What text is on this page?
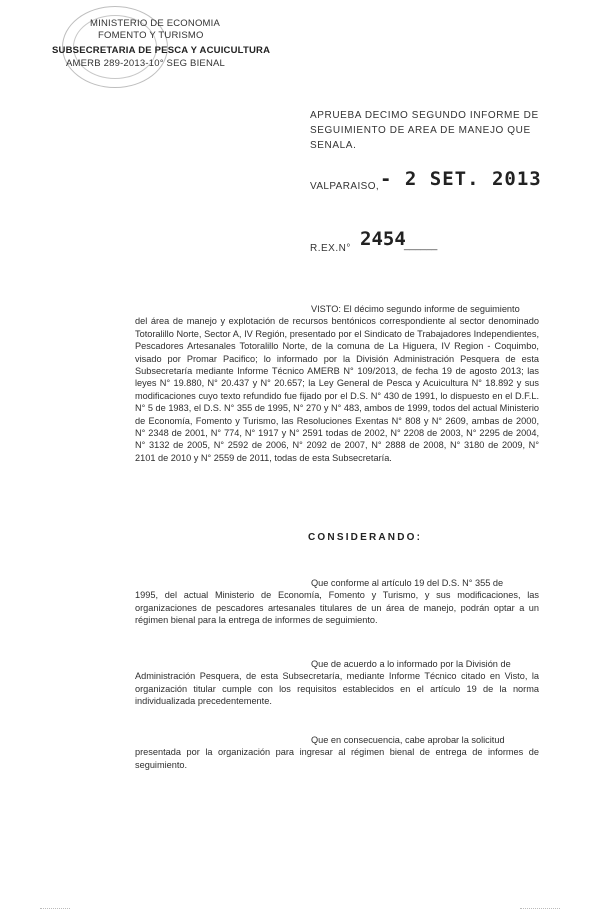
MINISTERIO DE ECONOMIA
FOMENTO Y TURISMO
SUBSECRETARIA DE PESCA Y ACUICULTURA
AMERB 289-2013-10° SEG BIENAL
APRUEBA DECIMO SEGUNDO INFORME DE
SEGUIMIENTO DE AREA DE MANEJO QUE SENALA.
VALPARAISO, - 2 SET. 2013
R.EX.N° 2454
______
VISTO: El décimo segundo informe de seguimiento
del área de manejo y explotación de recursos bentónicos correspondiente al sector denominado Totoralillo Norte, Sector A, IV Región, presentado por el Sindicato de Trabajadores Independientes, Pescadores Artesanales Totoralillo Norte, de la comuna de La Higuera, IV Region - Coquimbo, visado por Promar Pacifico; lo informado por la División Administración Pesquera de esta Subsecretaría mediante Informe Técnico AMERB N° 109/2013, de fecha 19 de agosto 2013; las leyes N° 19.880, N° 20.437 y N° 20.657; la Ley General de Pesca y Acuicultura N° 18.892 y sus modificaciones cuyo texto refundido fue fijado por el D.S. N° 430 de 1991, lo dispuesto en el D.F.L. N° 5 de 1983, el D.S. N° 355 de 1995, N° 270 y N° 483, ambos de 1999, todos del actual Ministerio de Economía, Fomento y Turismo, las Resoluciones Exentas N° 808 y N° 2609, ambas de 2000, N° 2348 de 2001, N° 774, N° 1917 y N° 2591 todas de 2002, N° 2208 de 2003, N° 2295 de 2004, N° 3132 de 2005, N° 2592 de 2006, N° 2092 de 2007, N° 2888 de 2008, N° 3180 de 2009, N° 2101 de 2010 y N° 2559 de 2011, todas de esta Subsecretaría.
CONSIDERANDO:
Que conforme al artículo 19 del D.S. N° 355 de
1995, del actual Ministerio de Economía, Fomento y Turismo, y sus modificaciones, las organizaciones de pescadores artesanales titulares de un área de manejo, podrán optar a un régimen bienal para la entrega de informes de seguimiento.
Que de acuerdo a lo informado por la División de
Administración Pesquera, de esta Subsecretaría, mediante Informe Técnico citado en Visto, la organización titular cumple con los requisitos establecidos en el artículo 19 de la norma individualizada precedentemente.
Que en consecuencia, cabe aprobar la solicitud
presentada por la organización para ingresar al régimen bienal de entrega de informes de seguimiento.
